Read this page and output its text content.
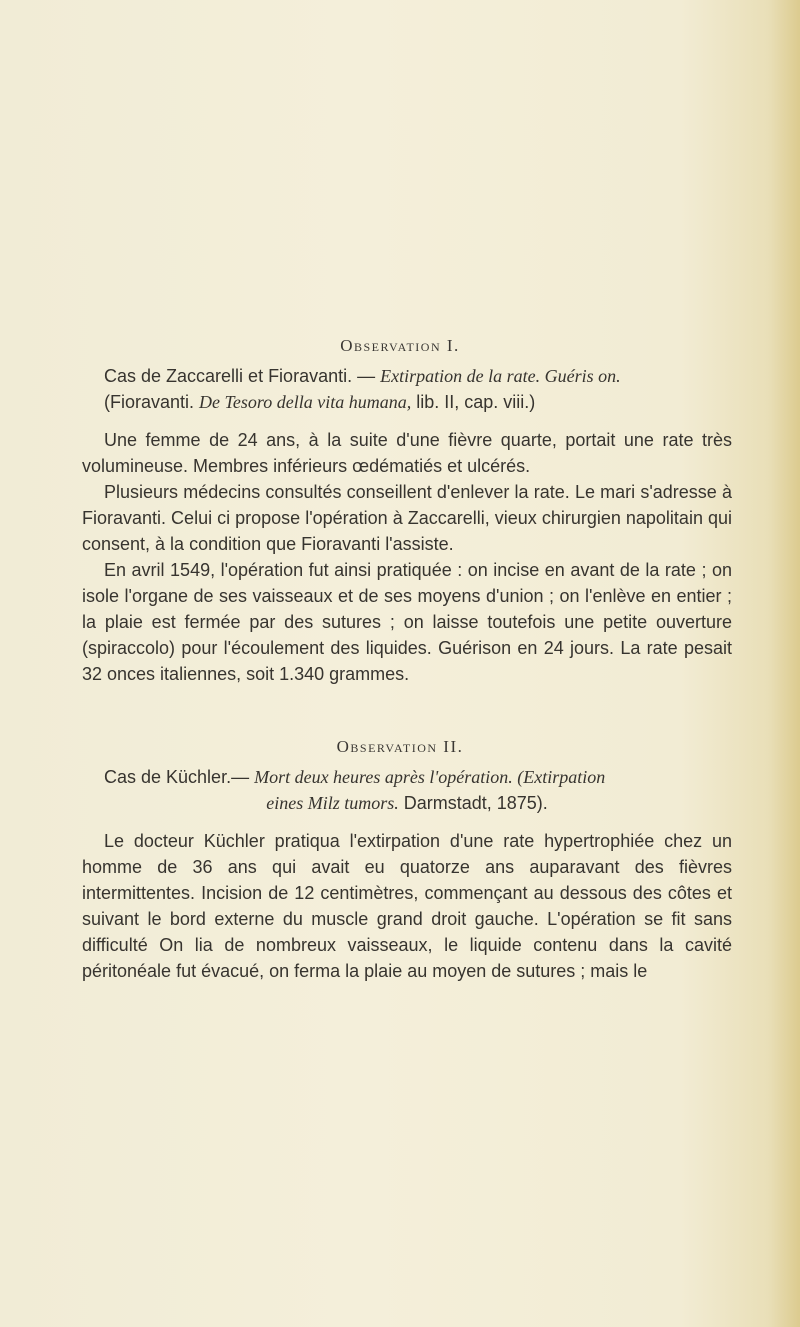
Observation I.
Cas de Zaccarelli et Fioravanti. — Extirpation de la rate. Guéris on.
(Fioravanti. De Tesoro della vita humana, lib. II, cap. viii.)

Une femme de 24 ans, à la suite d'une fièvre quarte, portait une rate très volumineuse. Membres inférieurs œdématiés et ulcérés.

Plusieurs médecins consultés conseillent d'enlever la rate. Le mari s'adresse à Fioravanti. Celui ci propose l'opération à Zaccarelli, vieux chirurgien napolitain qui consent, à la condition que Fioravanti l'assiste.

En avril 1549, l'opération fut ainsi pratiquée : on incise en avant de la rate ; on isole l'organe de ses vaisseaux et de ses moyens d'union ; on l'enlève en entier ; la plaie est fermée par des sutures ; on laisse toutefois une petite ouverture (spiraccolo) pour l'écoulement des liquides. Guérison en 24 jours. La rate pesait 32 onces italiennes, soit 1.340 grammes.

Observation II.
Cas de Küchler.— Mort deux heures après l'opération. (Extirpation
eines Milz tumors. Darmstadt, 1875).

Le docteur Küchler pratiqua l'extirpation d'une rate hypertrophiée chez un homme de 36 ans qui avait eu quatorze ans auparavant des fièvres intermittentes. Incision de 12 centimètres, commençant au dessous des côtes et suivant le bord externe du muscle grand droit gauche. L'opération se fit sans difficulté On lia de nombreux vaisseaux, le liquide contenu dans la cavité péritonéale fut évacué, on ferma la plaie au moyen de sutures ; mais le
